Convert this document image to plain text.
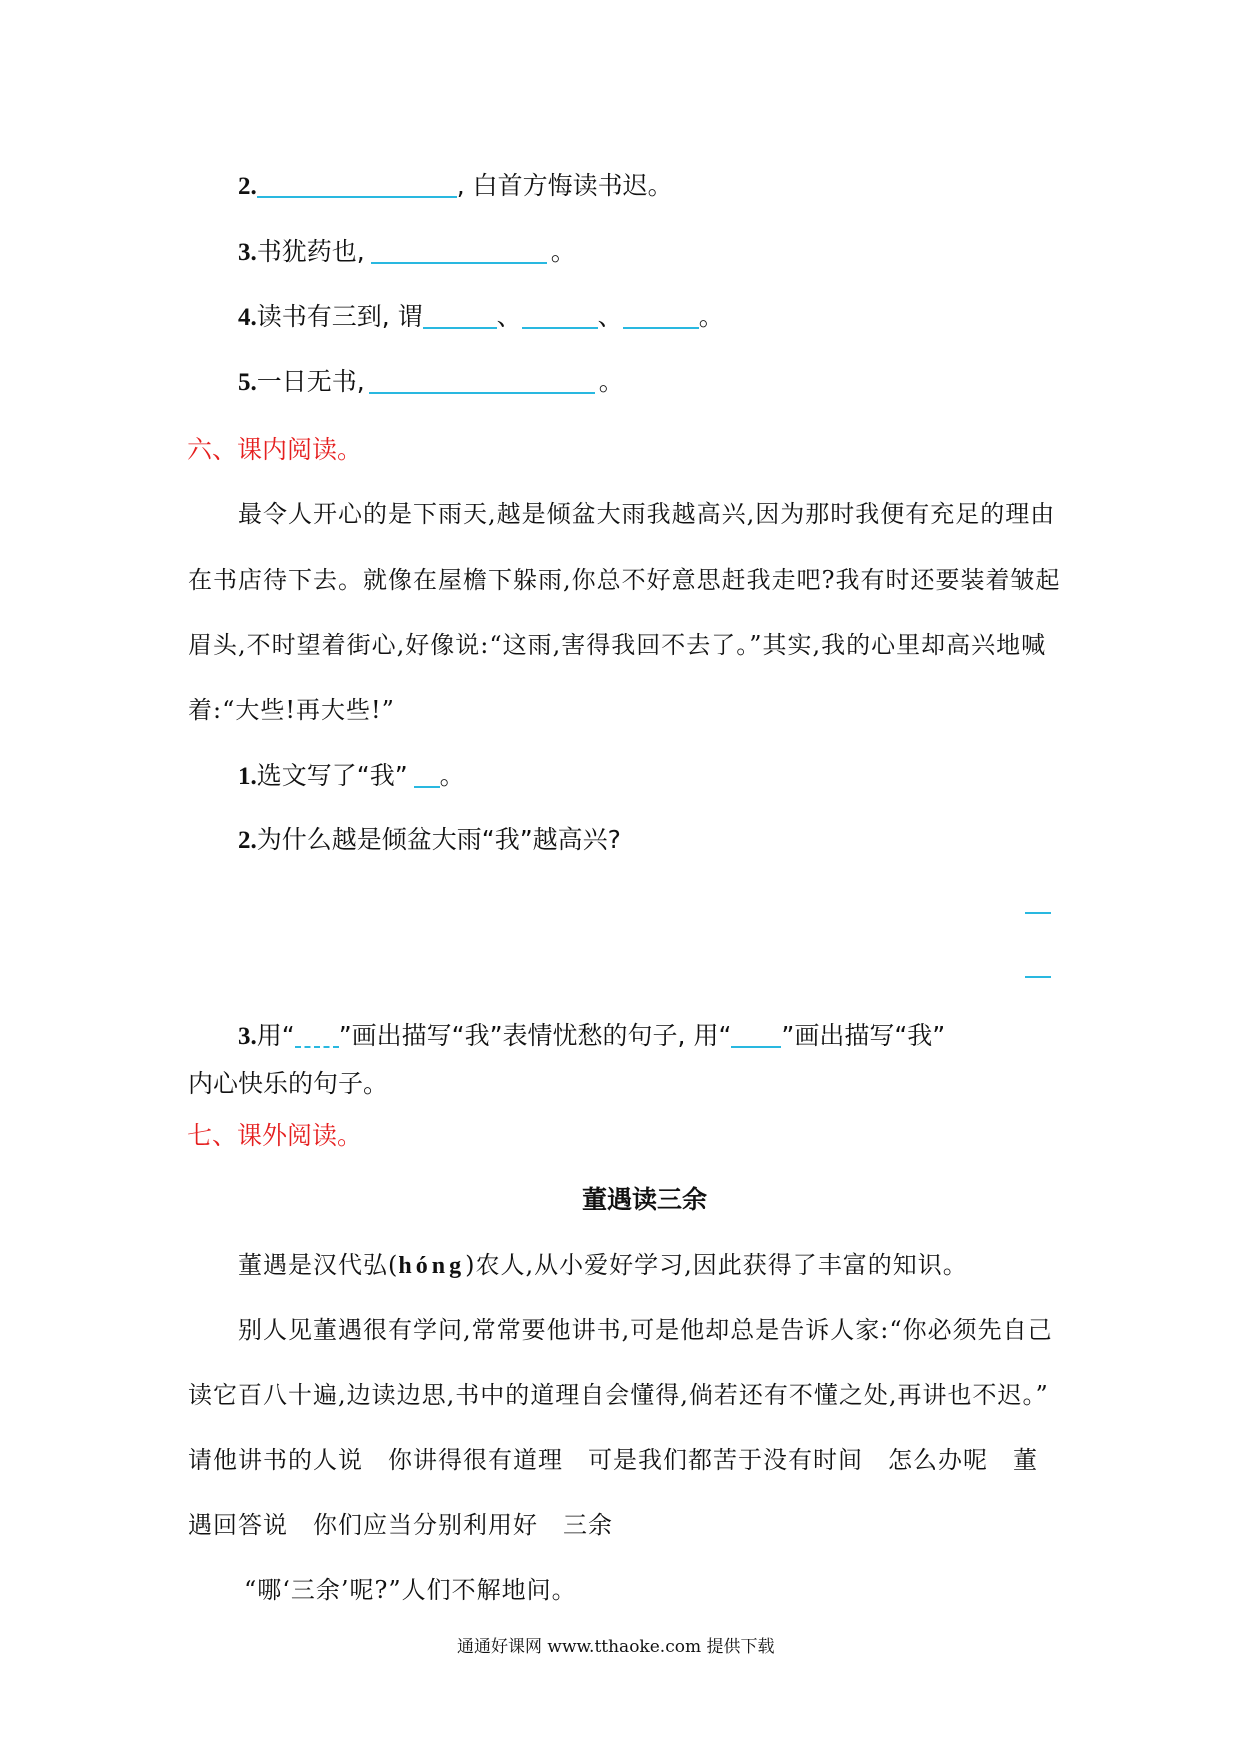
2.	, 白首方悔读书迟。
3.书犹药也,	。
4.读书有三到, 谓	、	、	。
5.一日无书,	。
六、课内阅读。
最令人开心的是下雨天,越是倾盆大雨我越高兴,因为那时我便有充足的理由
在书店待下去。就像在屋檐下躲雨,你总不好意思赶我走吧?我有时还要装着皱起
眉头,不时望着街心,好像说:“这雨,害得我回不去了。”其实,我的心里却高兴地喊
着:“大些!再大些!”
1.选文写了“我” 。
2.为什么越是倾盆大雨“我”越高兴?
3.用“ ”画出描写“我”表情忧愁的句子, 用“ ”画出描写“我”
内心快乐的句子。
七、课外阅读。
董遇读三余
董遇是汉代弘(hóng)农人,从小爱好学习,因此获得了丰富的知识。
别人见董遇很有学问,常常要他讲书,可是他却总是告诉人家:“你必须先自己
读它百八十遍,边读边思,书中的道理自会懂得,倘若还有不懂之处,再讲也不迟。”
请他讲书的人说　你讲得很有道理　可是我们都苦于没有时间　怎么办呢　董
遇回答说　你们应当分别利用好　三余
“哪‘三余’呢?”人们不解地问。
通通好课网 www.tthaoke.com 提供下载
